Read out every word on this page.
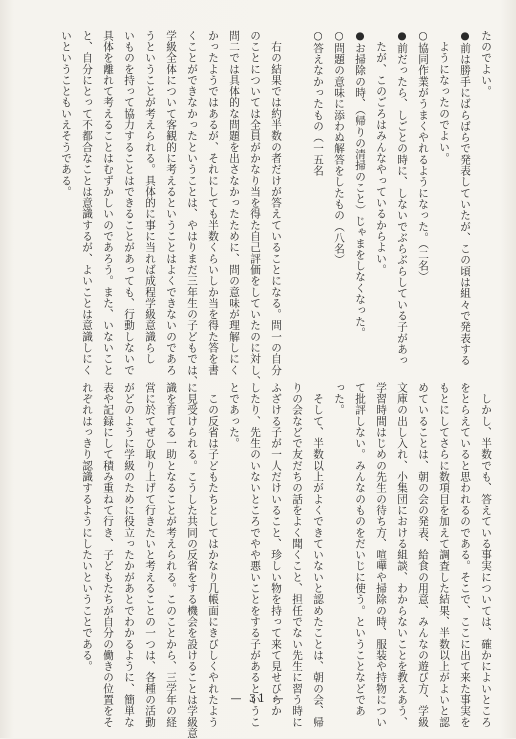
たのでよい。
●前は勝手にばらばらで発表していたが、この頃は組々で発表する
　ようになったのでよい。
○協同作業がうまくやれるようになった。（二名）
●前だったら、しごとの時に、しないでぶらぶらしている子があっ
　たが、このごろはみんなやっているからよい。
●お掃除の時、（帰りの清掃のこと）じゃまをしなくなった。
○問題の意味に添わぬ解答をしたもの（八名）
○答えなかったもの（一五名

　右の結果では約半数の者だけが答えていることになる。問一の自分
のことについては全員がかなり当を得た自己評価をしていたのに対し、
問二では具体的な問題を出さなかったために、問の意味が理解しにく
かったようではあるが、それにしても半数くらいしか当を得た答を書
くことができなかったということは、やはりまだ三年生の子どもでは、
学級全体について客観的に考えるということはよくできないのであろ
うということが考えられる。具体的に事に当れば成程学級意識らし
いものを持って協力することはできることがあっても、行動しないで
具体を離れて考えることはむずかしいのであろう。また、いないこと
と、自分にとって不都合なことは意識するが、よいことは意識しにく
いということもいえそうである。
　しかし、半数でも、答えている事実については、確かによいところ
をとらえていると思われるのである。そこで、ここに出て来た事実を
もとにしてさらに数項目を加えて調査した結果、半数以上がよいと認
めていることは、朝の会の発表、給食の用意、みんなの遊び方、学級
文庫の出し入れ、小集団における組談、わからないことを教えあう、
学習時間はじめの先生の待ち方、喧嘩や掃除の時、服装や持物につい
て批評しない。みんなのものをだいじに使う。ということなどであ
った。
　そして、半数以上がよくできていないと認めたことは、朝の会、帰
りの会などで友だちの話をよく聞くこと、担任でない先生に習う時に
ふざける子が一人だけいること、珍しい物を持って来て見せびらか
したり、先生のいないところでやや悪いことをする子があるというこ
とであった。
　この反省は子どもたちとしてはかなり几帳面にきびしくやれたよう
に見受けられる。こうした共同の反省をする機会を設けることは学級意
識を育てる一助となることが考えられる。このことから、三学年の経
営に於てぜひ取り上げて行きたいと考えることの一つは、各種の活動
がどのように学級のために役立ったかがあとでわかるように、簡単な
表や記録にして積み重ねて行き、子どもたちが自分の働きの位置をそ
れぞれはっきり認識するようにしたいということである。
— 31 —
